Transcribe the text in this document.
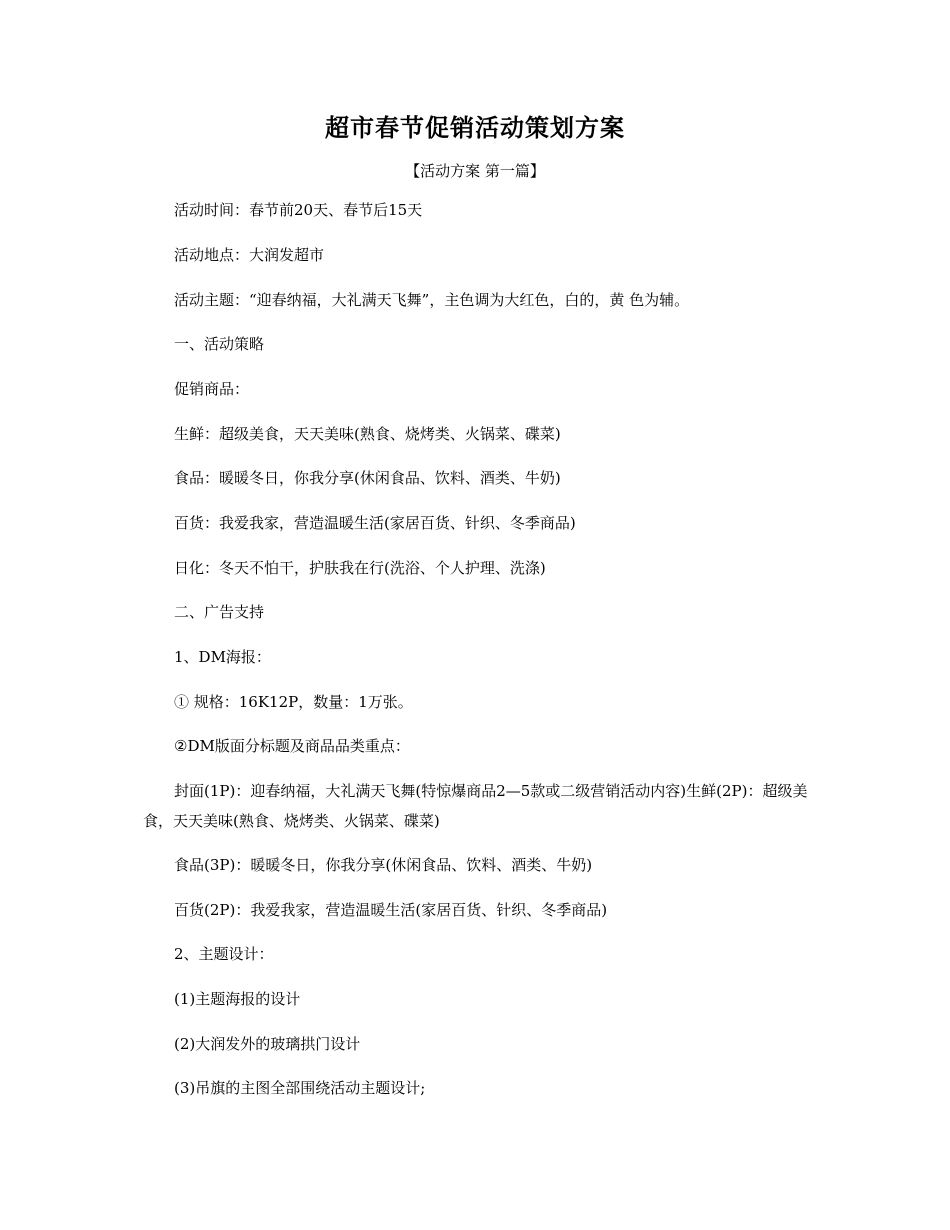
超市春节促销活动策划方案
【活动方案 第一篇】
活动时间：春节前20天、春节后15天
活动地点：大润发超市
活动主题：“迎春纳福，大礼满天飞舞”，主色调为大红色，白的，黄 色为辅。
一、活动策略
促销商品：
生鲜：超级美食，天天美味(熟食、烧烤类、火锅菜、碟菜)
食品：暖暖冬日，你我分享(休闲食品、饮料、酒类、牛奶)
百货：我爱我家，营造温暖生活(家居百货、针织、冬季商品)
日化：冬天不怕干，护肤我在行(洗浴、个人护理、洗涤)
二、广告支持
1、DM海报：
① 规格：16K12P，数量：1万张。
②DM版面分标题及商品品类重点：
封面(1P)：迎春纳福，大礼满天飞舞(特惊爆商品2—5款或二级营销活动内容)生鲜(2P)：超级美食，天天美味(熟食、烧烤类、火锅菜、碟菜)
食品(3P)：暖暖冬日，你我分享(休闲食品、饮料、酒类、牛奶)
百货(2P)：我爱我家，营造温暖生活(家居百货、针织、冬季商品)
2、主题设计：
(1)主题海报的设计
(2)大润发外的玻璃拱门设计
(3)吊旗的主图全部围绕活动主题设计;
